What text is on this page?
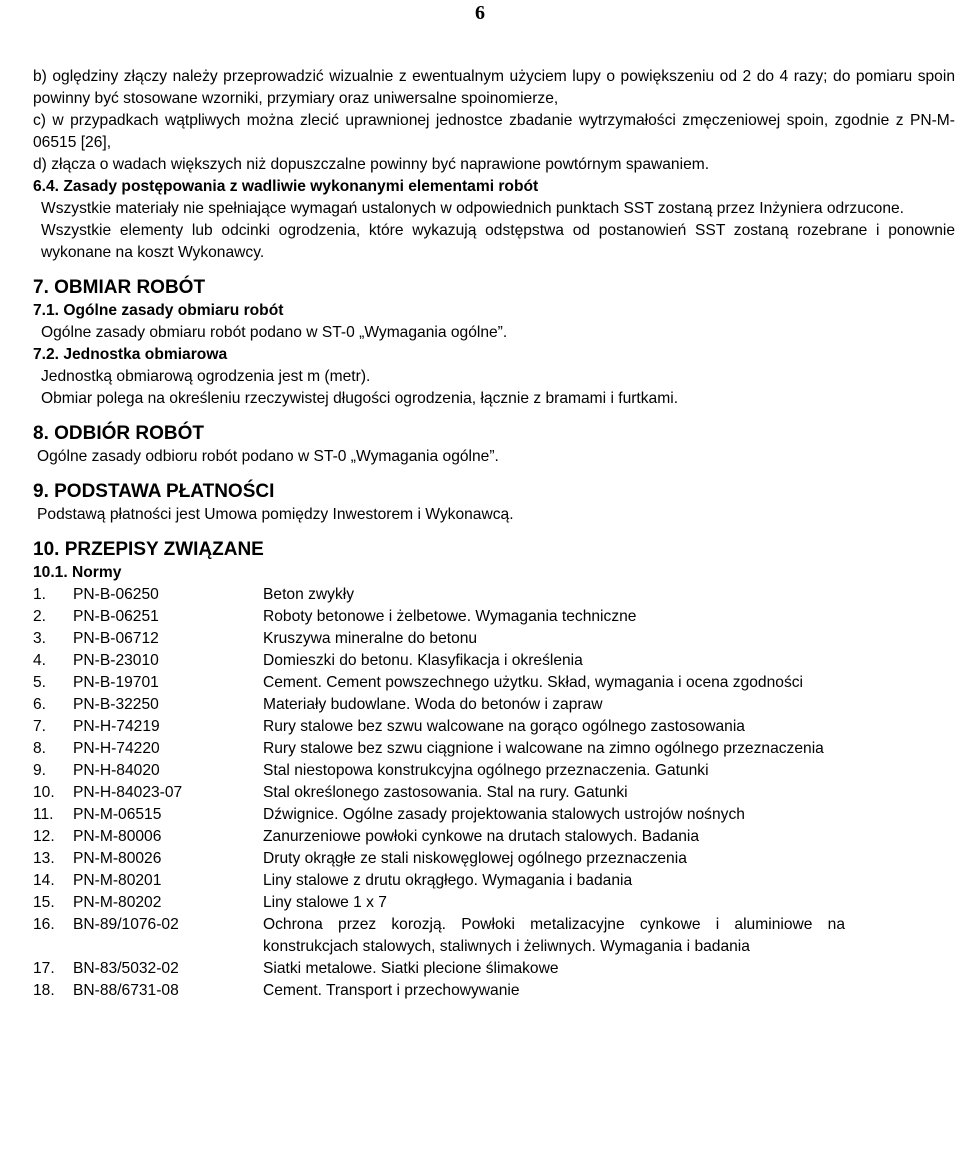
6

b) oględziny złączy należy przeprowadzić wizualnie z ewentualnym użyciem lupy o powiększeniu od 2 do 4 razy; do pomiaru spoin powinny być stosowane wzorniki, przymiary oraz uniwersalne spoinomierze,

c) w przypadkach wątpliwych można zlecić uprawnionej jednostce zbadanie wytrzymałości zmęczeniowej spoin, zgodnie z PN-M-06515 [26],

d) złącza o wadach większych niż dopuszczalne powinny być naprawione powtórnym spawaniem.

6.4. Zasady postępowania z wadliwie wykonanymi elementami robót

Wszystkie materiały nie spełniające wymagań ustalonych w odpowiednich punktach SST zostaną przez Inżyniera odrzucone.

Wszystkie elementy lub odcinki ogrodzenia, które wykazują odstępstwa od postanowień SST zostaną rozebrane i ponownie wykonane na koszt Wykonawcy.

7. OBMIAR ROBÓT
7.1. Ogólne zasady obmiaru robót

Ogólne zasady obmiaru robót podano w ST-0 „Wymagania ogólne”.

7.2. Jednostka obmiarowa

Jednostką obmiarową ogrodzenia jest m (metr).

Obmiar polega na określeniu rzeczywistej długości ogrodzenia, łącznie z bramami i furtkami.

8. ODBIÓR ROBÓT

Ogólne zasady odbioru robót podano w ST-0 „Wymagania ogólne”.

9. PODSTAWA PŁATNOŚCI

Podstawą płatności jest Umowa pomiędzy Inwestorem i Wykonawcą.

10. PRZEPISY ZWIĄZANE
10.1. Normy
1.	PN-B-06250	Beton zwykły
2.	PN-B-06251	Roboty betonowe i żelbetowe. Wymagania techniczne
3.	PN-B-06712	Kruszywa mineralne do betonu
4.	PN-B-23010	Domieszki do betonu. Klasyfikacja i określenia
5.	PN-B-19701	Cement. Cement powszechnego użytku. Skład, wymagania i ocena zgodności
6.	PN-B-32250	Materiały budowlane. Woda do betonów i zapraw
7.	PN-H-74219	Rury stalowe bez szwu walcowane na gorąco ogólnego zastosowania
8.	PN-H-74220	Rury stalowe bez szwu ciągnione i walcowane na zimno ogólnego przeznaczenia
9.	PN-H-84020	Stal niestopowa konstrukcyjna ogólnego przeznaczenia. Gatunki
10.	PN-H-84023-07	Stal określonego zastosowania. Stal na rury. Gatunki
11.	PN-M-06515	Dźwignice. Ogólne zasady projektowania stalowych ustrojów nośnych
12.	PN-M-80006	Zanurzeniowe powłoki cynkowe na drutach stalowych. Badania
13.	PN-M-80026	Druty okrągłe ze stali niskowęglowej ogólnego przeznaczenia
14.	PN-M-80201	Liny stalowe z drutu okrągłego. Wymagania i badania
15.	PN-M-80202	Liny stalowe 1 x 7
16.	BN-89/1076-02	Ochrona przez korozją. Powłoki metalizacyjne cynkowe i aluminiowe na konstrukcjach stalowych, staliwnych i żeliwnych. Wymagania i badania
17.	BN-83/5032-02	Siatki metalowe. Siatki plecione ślimakowe
18.	BN-88/6731-08	Cement. Transport i przechowywanie
